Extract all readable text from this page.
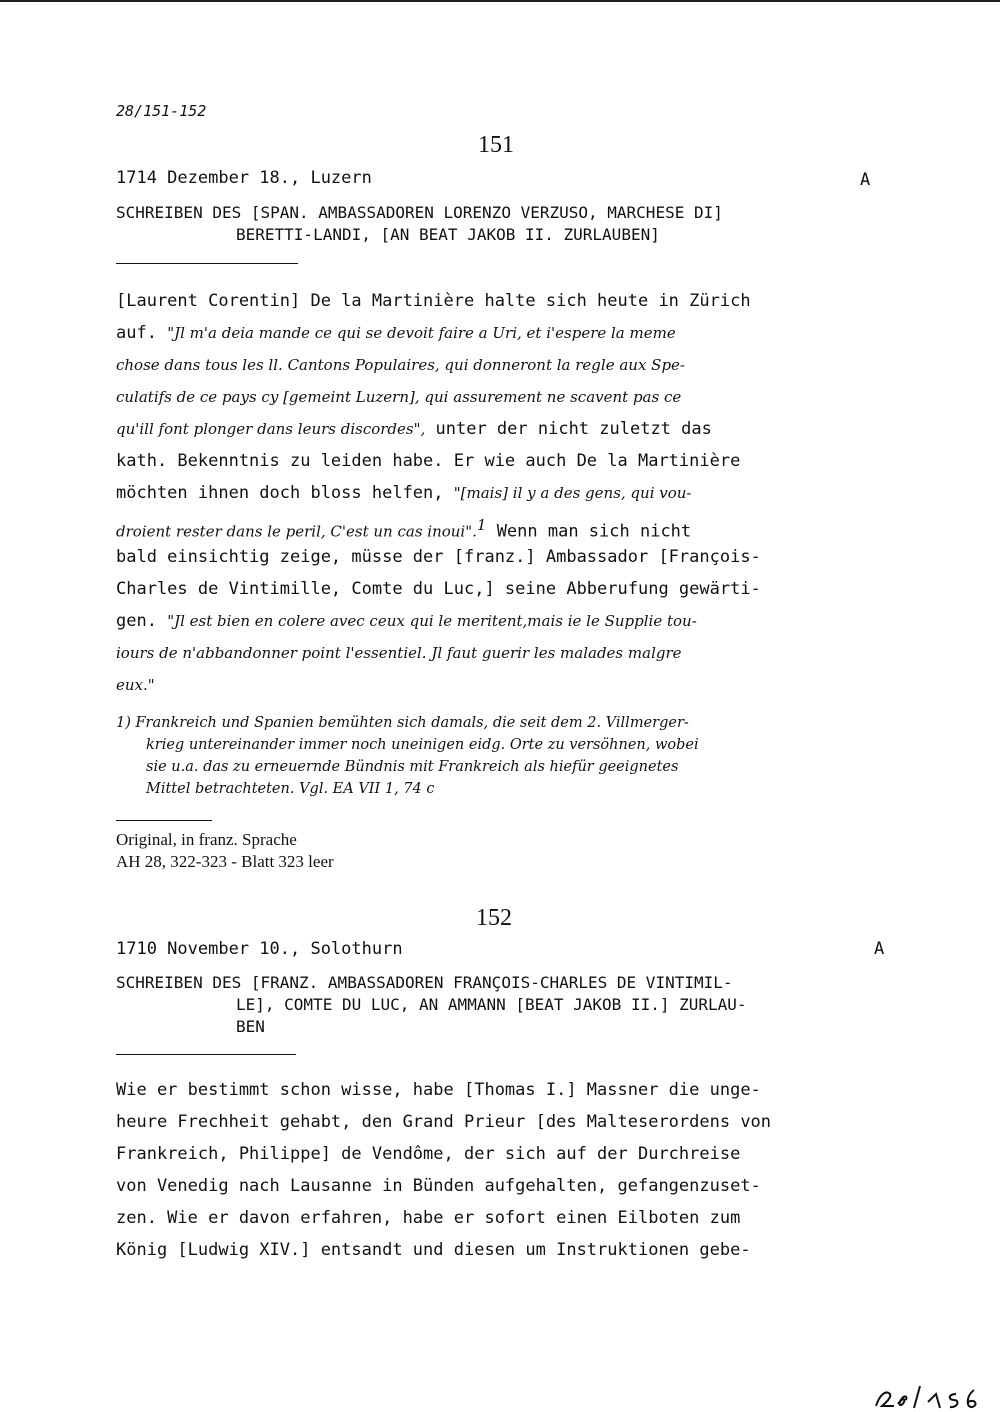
28/151-152

151

1714 Dezember 18., Luzern	A

SCHREIBEN DES [SPAN. AMBASSADOREN LORENZO VERZUSO, MARCHESE DI]
BERETTI-LANDI, [AN BEAT JAKOB II. ZURLAUBEN]
[Laurent Corentin] De la Martinière halte sich heute in Zürich
auf. "Jl m'a deia mande ce qui se devoit faire a Uri, et i'espere la meme
chose dans tous les ll. Cantons Populaires, qui donneront la regle aux Spe-
culatifs de ce pays cy [gemeint Luzern], qui assurement ne scavent pas ce
qu'ill font plonger dans leurs discordes", unter der nicht zuletzt das
kath. Bekenntnis zu leiden habe. Er wie auch De la Martinière
möchten ihnen doch bloss helfen, "[mais] il y a des gens, qui vou-
droient rester dans le peril, C'est un cas inoui".$^1$ Wenn man sich nicht
bald einsichtig zeige, müsse der [franz.] Ambassador [François-
Charles de Vintimille, Comte du Luc,] seine Abberufung gewärti-
gen. "Jl est bien en colere avec ceux qui le meritent,mais ie le Supplie tou-
iours de n'abbandonner point l'essentiel. Jl faut guerir les malades malgre
eux."
1) Frankreich und Spanien bemühten sich damals, die seit dem 2. Villmerger-
krieg untereinander immer noch uneinigen eidg. Orte zu versöhnen, wobei
sie u.a. das zu erneuernde Bündnis mit Frankreich als hiefür geeignetes
Mittel betrachteten. Vgl. EA VII 1, 74 c

Original, in franz. Sprache

AH 28, 322-323 - Blatt 323 leer

152

1710 November 10., Solothurn	A

SCHREIBEN DES [FRANZ. AMBASSADOREN FRANÇOIS-CHARLES DE VINTIMIL-
LE], COMTE DU LUC, AN AMMANN [BEAT JAKOB II.] ZURLAU-
BEN
Wie er bestimmt schon wisse, habe [Thomas I.] Massner die unge-
heure Frechheit gehabt, den Grand Prieur [des Malteserordens von
Frankreich, Philippe] de Vendôme, der sich auf der Durchreise
von Venedig nach Lausanne in Bünden aufgehalten, gefangenzuset-
zen. Wie er davon erfahren, habe er sofort einen Eilboten zum
König [Ludwig XIV.] entsandt und diesen um Instruktionen gebe-
